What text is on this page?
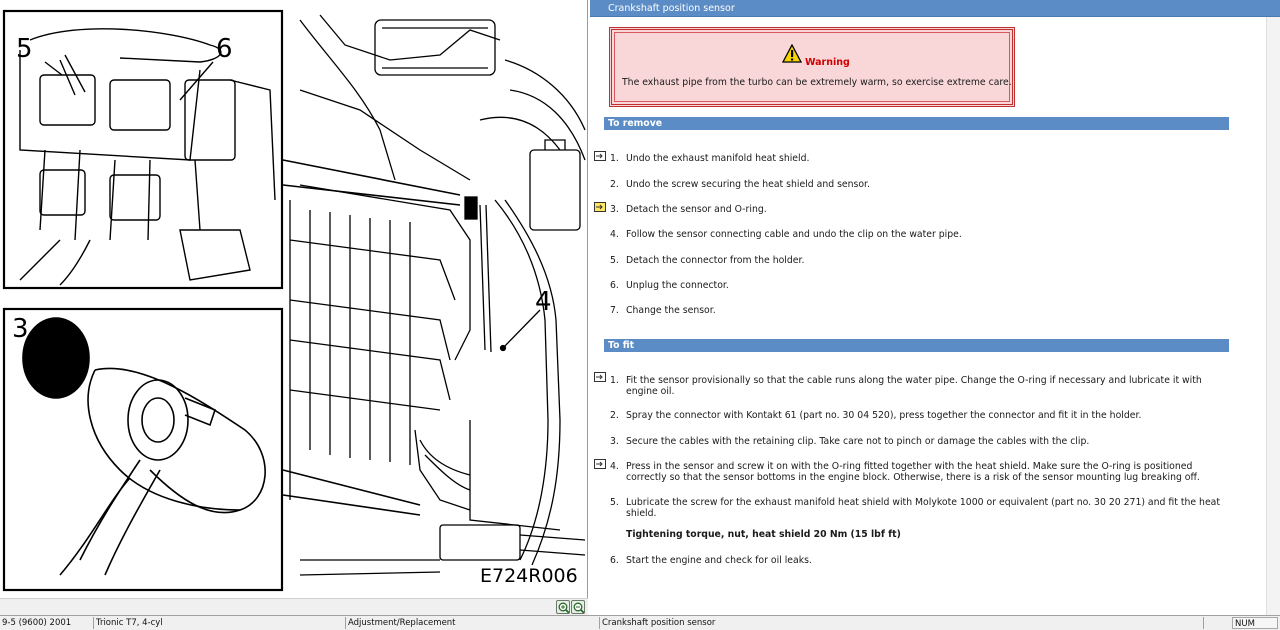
5	6
3
4
E724R006
Crankshaft position sensor
Warning
The exhaust pipe from the turbo can be extremely warm, so exercise extreme care.
To remove
1. Undo the exhaust manifold heat shield.
2. Undo the screw securing the heat shield and sensor.
3. Detach the sensor and O-ring.
4. Follow the sensor connecting cable and undo the clip on the water pipe.
5. Detach the connector from the holder.
6. Unplug the connector.
7. Change the sensor.
To fit
1. Fit the sensor provisionally so that the cable runs along the water pipe. Change the O-ring if necessary and lubricate it with engine oil.
2. Spray the connector with Kontakt 61 (part no. 30 04 520), press together the connector and fit it in the holder.
3. Secure the cables with the retaining clip. Take care not to pinch or damage the cables with the clip.
4. Press in the sensor and screw it on with the O-ring fitted together with the heat shield. Make sure the O-ring is positioned correctly so that the sensor bottoms in the engine block. Otherwise, there is a risk of the sensor mounting lug breaking off.
5. Lubricate the screw for the exhaust manifold heat shield with Molykote 1000 or equivalent (part no. 30 20 271) and fit the heat shield.
Tightening torque, nut, heat shield 20 Nm (15 lbf ft)
6. Start the engine and check for oil leaks.
9-5 (9600) 2001	Trionic T7, 4-cyl	Adjustment/Replacement	Crankshaft position sensor	NUM
